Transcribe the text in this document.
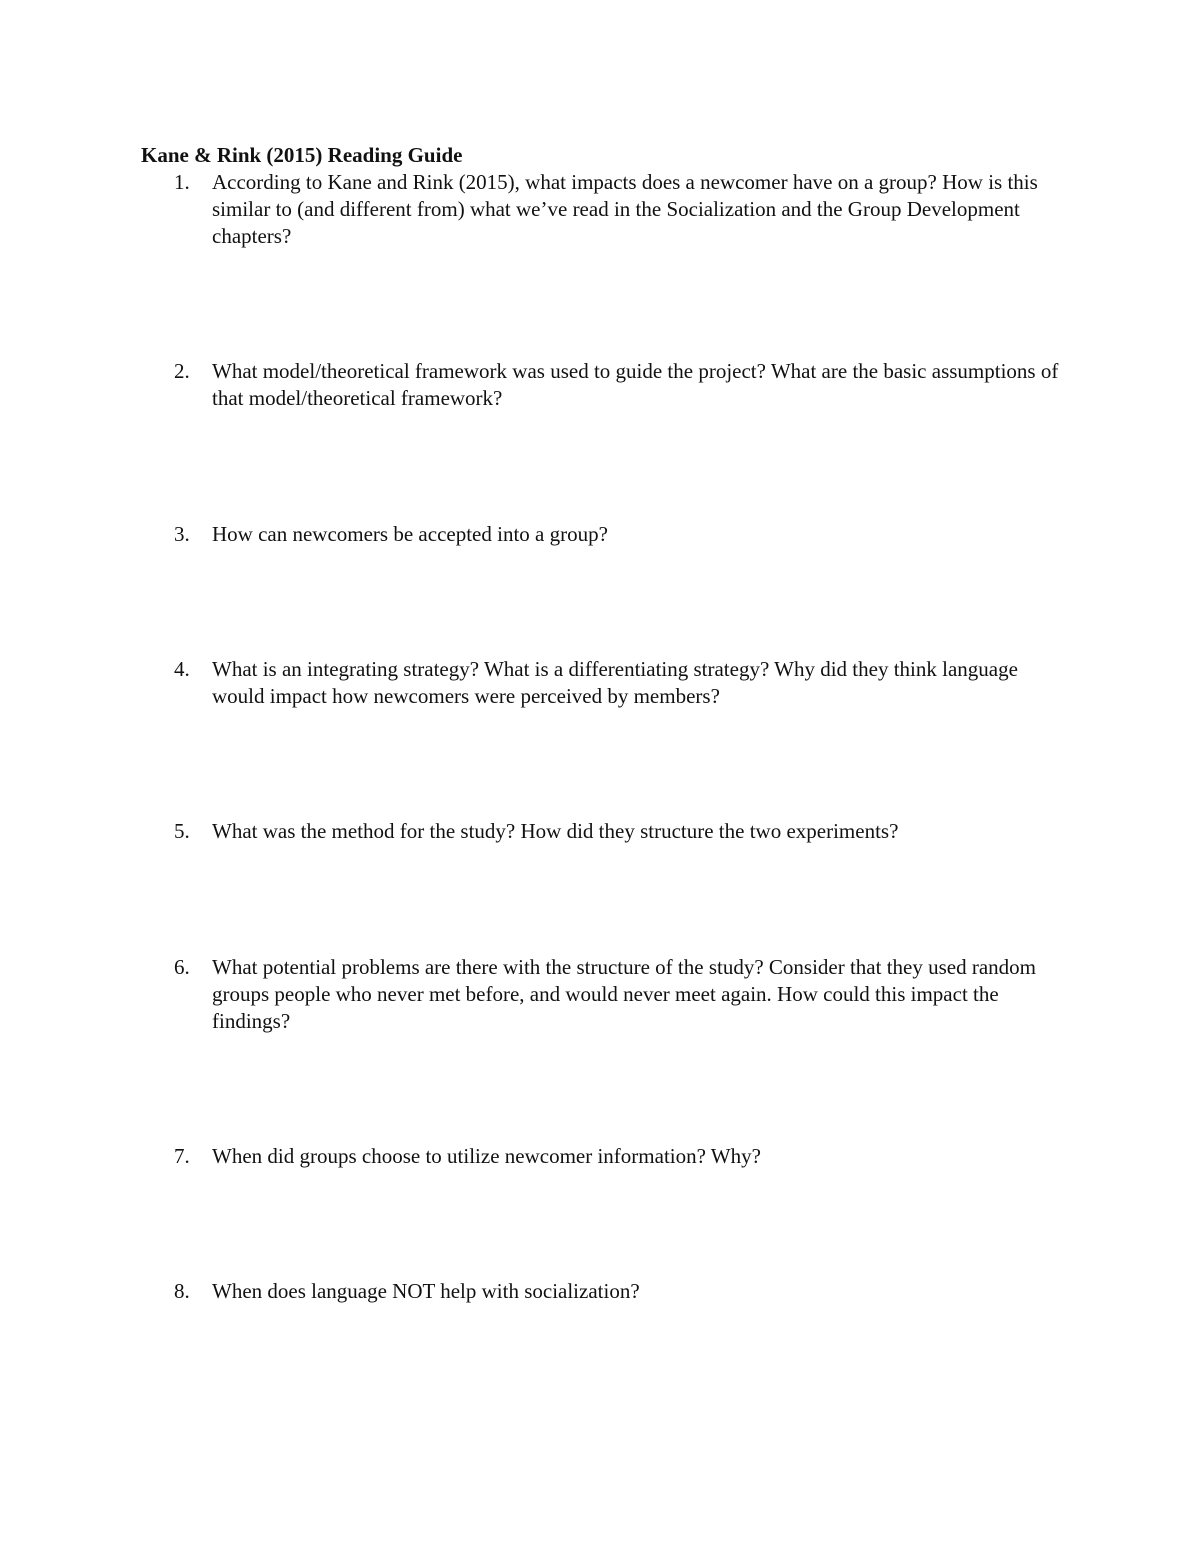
Kane & Rink (2015) Reading Guide
1.	According to Kane and Rink (2015), what impacts does a newcomer have on a group? How is this similar to (and different from) what we’ve read in the Socialization and the Group Development chapters?
2.	What model/theoretical framework was used to guide the project? What are the basic assumptions of that model/theoretical framework?
3.	How can newcomers be accepted into a group?
4.	What is an integrating strategy? What is a differentiating strategy? Why did they think language would impact how newcomers were perceived by members?
5.	What was the method for the study? How did they structure the two experiments?
6.	What potential problems are there with the structure of the study? Consider that they used random groups people who never met before, and would never meet again. How could this impact the findings?
7.	When did groups choose to utilize newcomer information? Why?
8.	When does language NOT help with socialization?
